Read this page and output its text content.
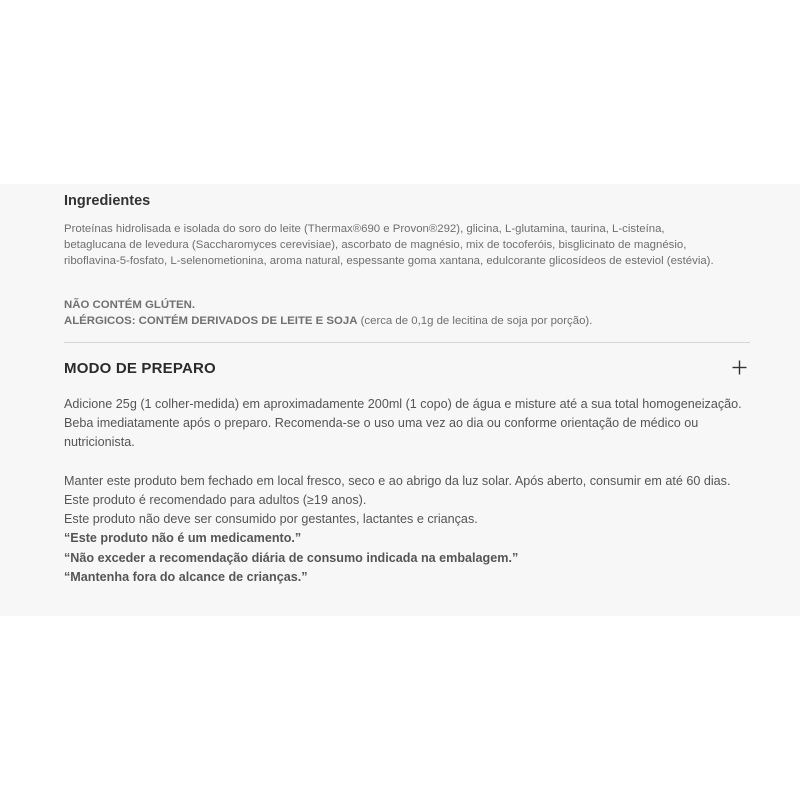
Ingredientes

Proteínas hidrolisada e isolada do soro do leite (Thermax®690 e Provon®292), glicina, L-glutamina, taurina, L-cisteína, betaglucana de levedura (Saccharomyces cerevisiae), ascorbato de magnésio, mix de tocoferóis, bisglicinato de magnésio, riboflavina-5-fosfato, L-selenometionina, aroma natural, espessante goma xantana, edulcorante glicosídeos de esteviol (estévia).

NÃO CONTÉM GLÚTEN.
ALÉRGICOS: CONTÉM DERIVADOS DE LEITE E SOJA (cerca de 0,1g de lecitina de soja por porção).

MODO DE PREPARO

Adicione 25g (1 colher-medida) em aproximadamente 200ml (1 copo) de água e misture até a sua total homogeneização. Beba imediatamente após o preparo. Recomenda-se o uso uma vez ao dia ou conforme orientação de médico ou nutricionista.

Manter este produto bem fechado em local fresco, seco e ao abrigo da luz solar. Após aberto, consumir em até 60 dias.

Este produto é recomendado para adultos (≥19 anos).

Este produto não deve ser consumido por gestantes, lactantes e crianças.

“Este produto não é um medicamento.”

“Não exceder a recomendação diária de consumo indicada na embalagem.”

“Mantenha fora do alcance de crianças.”
